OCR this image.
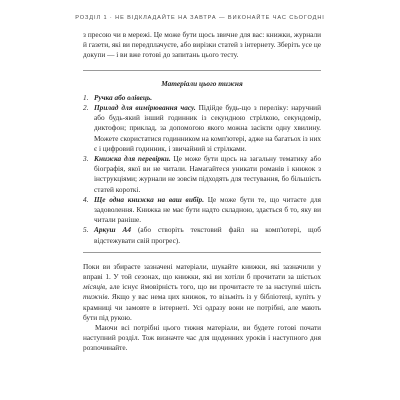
РОЗДІЛ 1 · НЕ ВІДКЛАДАЙТЕ НА ЗАВТРА — ВИКОНАЙТЕ ЧАС СЬОГОДНІ

з пресою чи в мережі. Це може бути щось звичне для вас: книжки, журнали й газети, які ви передплачуєте, або вирізки статей з інтернету. Зберіть усе це докупи — і ви вже готові до запитань цього тесту.

Матеріали цього тижня
1. Ручка або олівець.
2. Прилад для вимірювання часу. Підійде будь-що з переліку: наручний або будь-який інший годинник із секундною стрілкою, секундомір, диктофон; приклад, за допомогою якого можна засікти одну хвилину. Можете скористатися годинником на комп'ютері, адже на багатьох із них є і цифровий годинник, і звичайний зі стрілками.
3. Книжка для перевірки. Це може бути щось на загальну тематику або біографія, якої ви не читали. Намагайтеся уникати романів і книжок з інструкціями; журнали не зовсім підходять для тестування, бо більшість статей короткі.
4. Ще одна книжка на ваш вибір. Це може бути те, що читаєте для задоволення. Книжка не має бути надто складною, здається б то, яку ви читали раніше.
5. Аркуш А4 (або створіть текстовий файл на комп'ютері, щоб відстежувати свій прогрес).

Поки ви збираєте зазначені матеріали, шукайте книжки, які зазначили у вправі 1. У той сезонах, що книжки, які ви хотіли б прочитати за шістьох місяців, але існує ймовірність того, що ви прочитаєте те за наступні шість тижнів. Якщо у вас нема цих книжок, то візьміть із у бібліотеці, купіть у крамниці чи замовте в інтернеті. Усі одразу вони не потрібні, але мають бути під рукою.

Маючи всі потрібні цього тижня матеріали, ви будете готові почати наступний розділ. Тож визначте час для щоденних уроків і наступного дня розпочинайте.
